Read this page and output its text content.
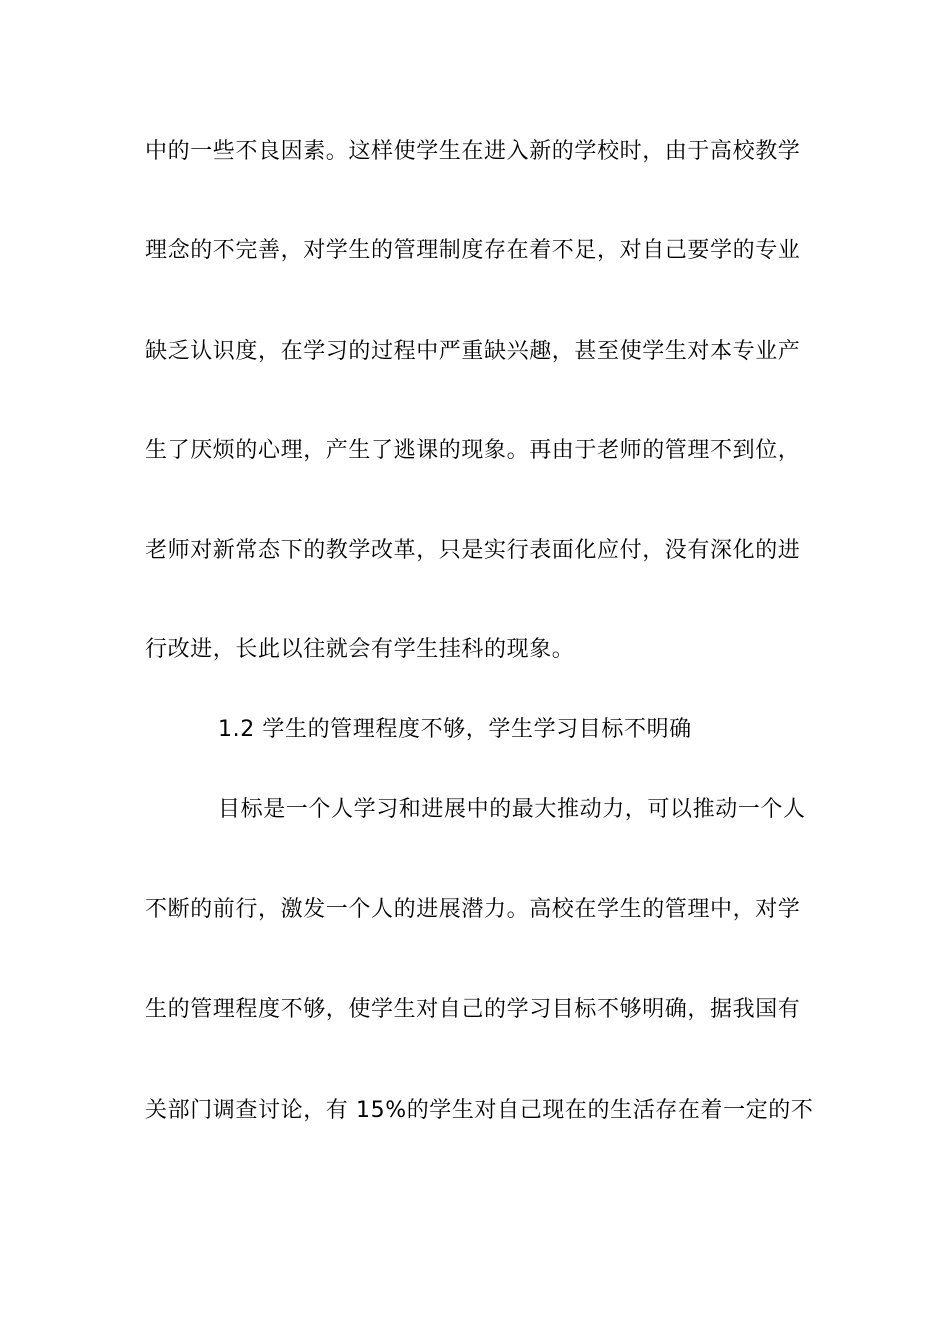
中的一些不良因素。这样使学生在进入新的学校时，由于高校教学
理念的不完善，对学生的管理制度存在着不足，对自己要学的专业
缺乏认识度，在学习的过程中严重缺兴趣，甚至使学生对本专业产
生了厌烦的心理，产生了逃课的现象。再由于老师的管理不到位，
老师对新常态下的教学改革，只是实行表面化应付，没有深化的进
行改进，长此以往就会有学生挂科的现象。
1.2 学生的管理程度不够，学生学习目标不明确
目标是一个人学习和进展中的最大推动力，可以推动一个人
不断的前行，激发一个人的进展潜力。高校在学生的管理中，对学
生的管理程度不够，使学生对自己的学习目标不够明确，据我国有
关部门调查讨论，有 15%的学生对自己现在的生活存在着一定的不
